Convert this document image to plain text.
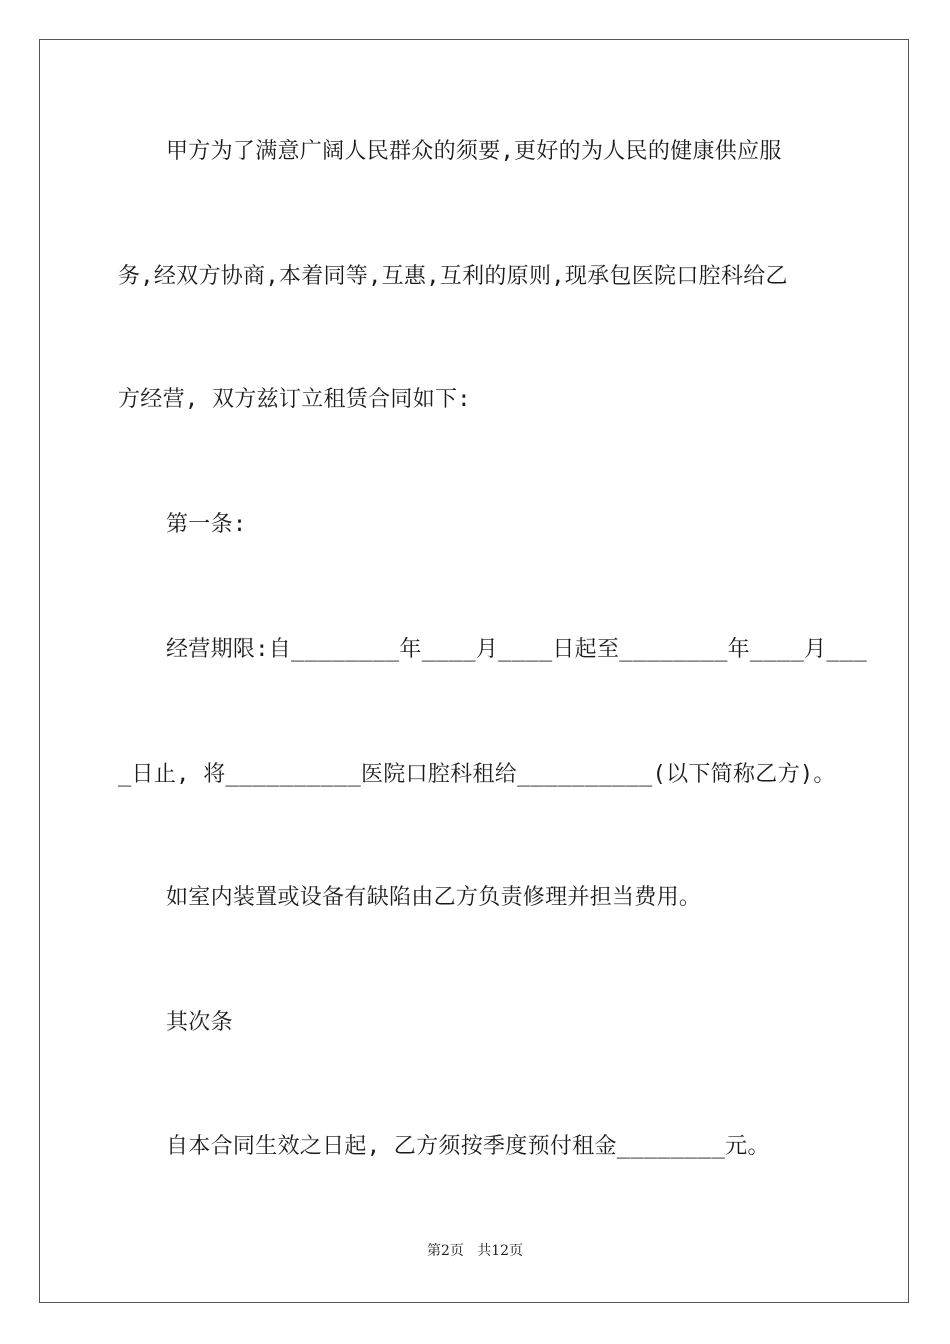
甲方为了满意广阔人民群众的须要,更好的为人民的健康供应服
务,经双方协商,本着同等,互惠,互利的原则,现承包医院口腔科给乙
方经营, 双方兹订立租赁合同如下:
第一条:
经营期限:自________年____月____日起至________年____月___
_日止, 将__________医院口腔科租给__________(以下简称乙方)。
如室内装置或设备有缺陷由乙方负责修理并担当费用。
其次条
自本合同生效之日起, 乙方须按季度预付租金________元。
第2页   共12页
